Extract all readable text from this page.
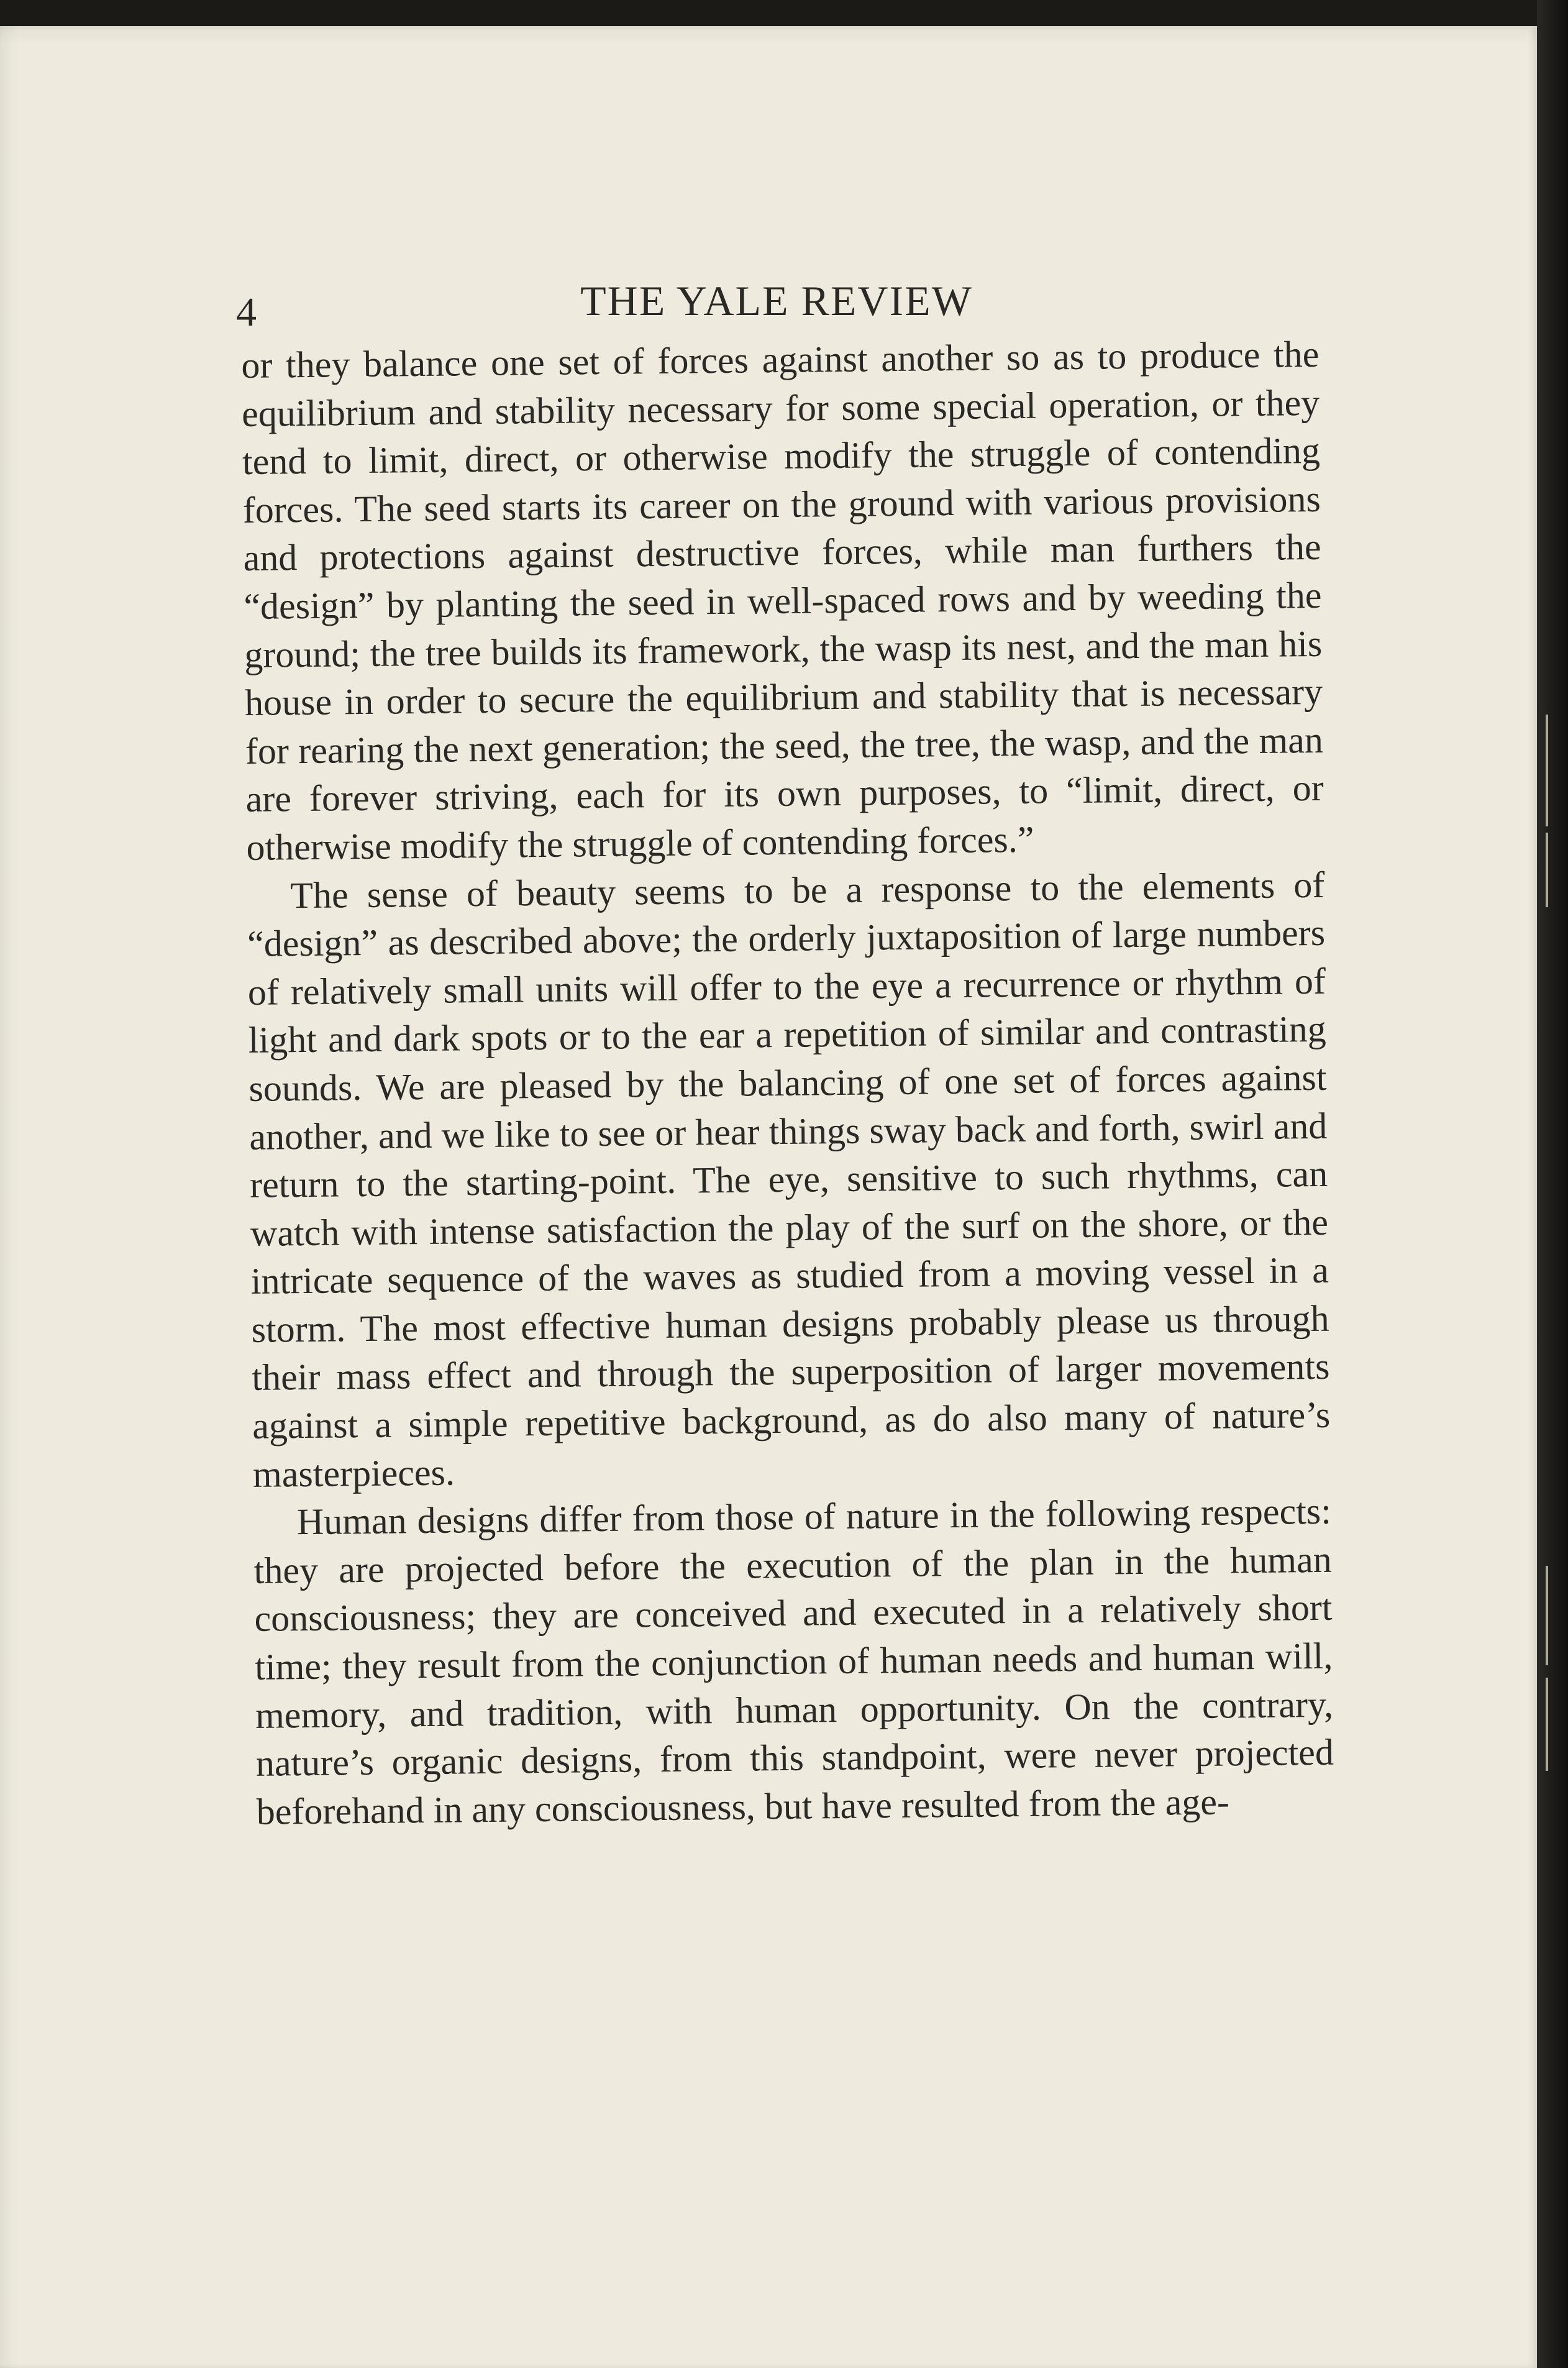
4	THE YALE REVIEW

or they balance one set of forces against another so as to produce the equilibrium and stability necessary for some special operation, or they tend to limit, direct, or otherwise modify the struggle of contending forces. The seed starts its career on the ground with various provisions and protections against destructive forces, while man furthers the “design” by planting the seed in well-spaced rows and by weeding the ground; the tree builds its framework, the wasp its nest, and the man his house in order to secure the equilibrium and stability that is necessary for rearing the next generation; the seed, the tree, the wasp, and the man are forever striving, each for its own purposes, to “limit, direct, or otherwise modify the struggle of contending forces.”

The sense of beauty seems to be a response to the elements of “design” as described above; the orderly juxtaposition of large numbers of relatively small units will offer to the eye a recurrence or rhythm of light and dark spots or to the ear a repetition of similar and contrasting sounds. We are pleased by the balancing of one set of forces against another, and we like to see or hear things sway back and forth, swirl and return to the starting-point. The eye, sensitive to such rhythms, can watch with intense satisfaction the play of the surf on the shore, or the intricate sequence of the waves as studied from a moving vessel in a storm. The most effective human designs probably please us through their mass effect and through the superposition of larger movements against a simple repetitive background, as do also many of nature’s masterpieces.

Human designs differ from those of nature in the following respects: they are projected before the execution of the plan in the human consciousness; they are conceived and executed in a relatively short time; they result from the conjunction of human needs and human will, memory, and tradition, with human opportunity. On the contrary, nature’s organic designs, from this standpoint, were never projected beforehand in any consciousness, but have resulted from the age-
